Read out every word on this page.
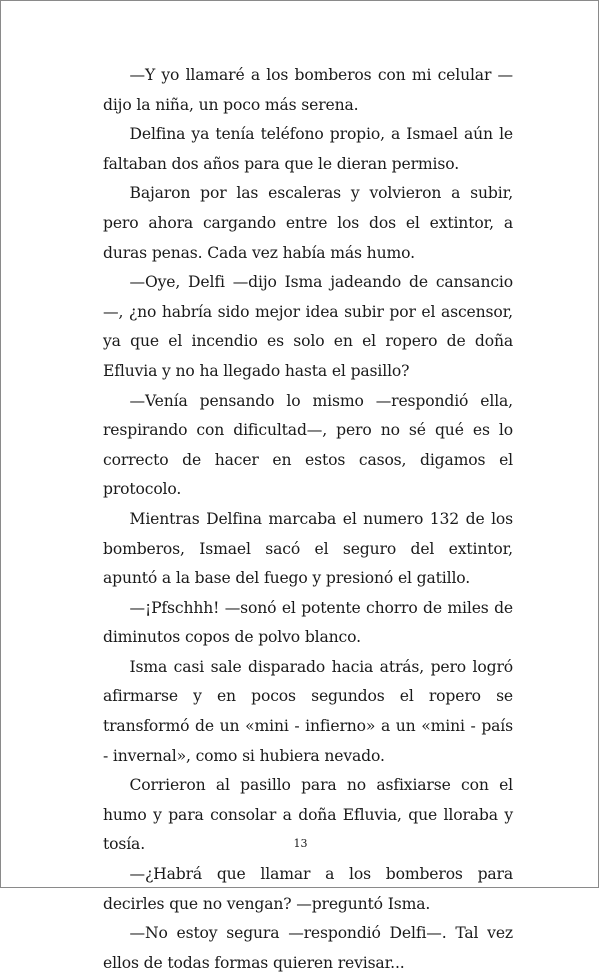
—Y yo llamaré a los bomberos con mi celular —dijo la niña, un poco más serena.

Delfina ya tenía teléfono propio, a Ismael aún le faltaban dos años para que le dieran permiso.

Bajaron por las escaleras y volvieron a subir, pero ahora cargando entre los dos el extintor, a duras penas. Cada vez había más humo.

—Oye, Delfi —dijo Isma jadeando de cansancio—, ¿no habría sido mejor idea subir por el ascensor, ya que el incendio es solo en el ropero de doña Efluvia y no ha llegado hasta el pasillo?

—Venía pensando lo mismo —respondió ella, respirando con dificultad—, pero no sé qué es lo correcto de hacer en estos casos, digamos el protocolo.

Mientras Delfina marcaba el numero 132 de los bomberos, Ismael sacó el seguro del extintor, apuntó a la base del fuego y presionó el gatillo.

—¡Pfschhh! —sonó el potente chorro de miles de diminutos copos de polvo blanco.

Isma casi sale disparado hacia atrás, pero logró afirmarse y en pocos segundos el ropero se transformó de un «mini - infierno» a un «mini - país - invernal», como si hubiera nevado.

Corrieron al pasillo para no asfixiarse con el humo y para consolar a doña Efluvia, que lloraba y tosía.

—¿Habrá que llamar a los bomberos para decirles que no vengan? —preguntó Isma.

—No estoy segura —respondió Delfi—. Tal vez ellos de todas formas quieren revisar...

13
